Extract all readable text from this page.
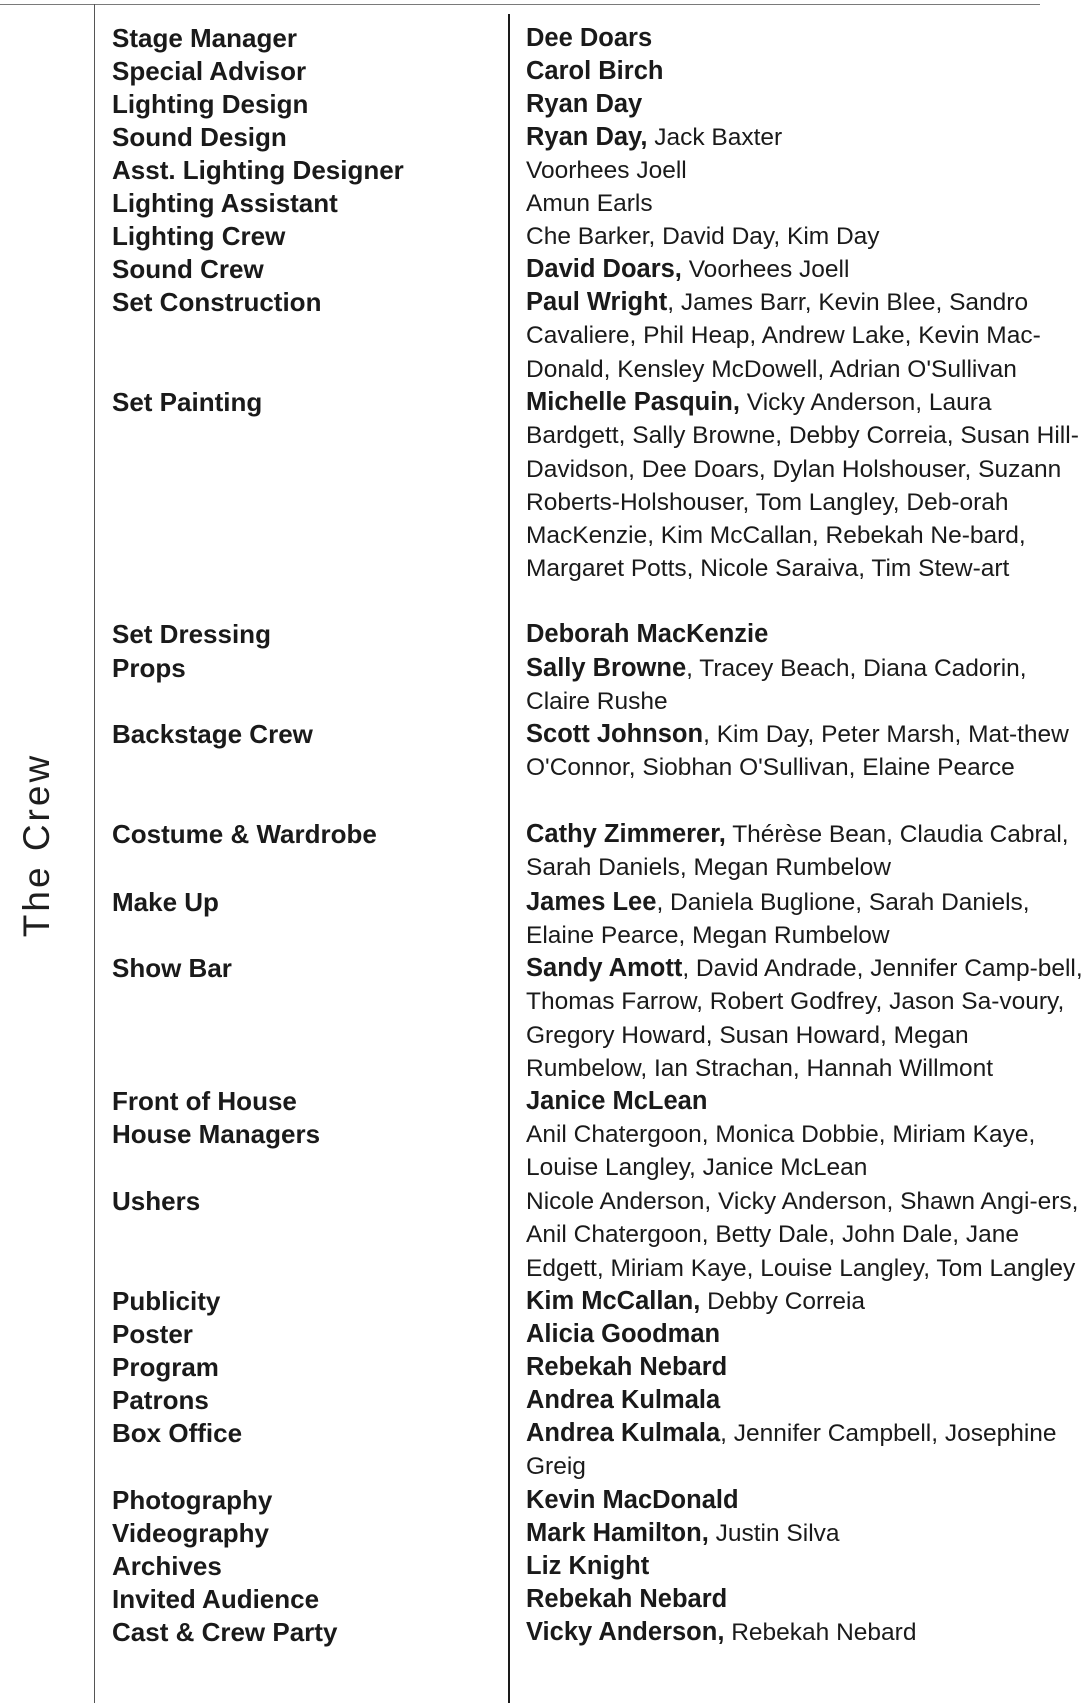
The Crew
Stage Manager	Dee Doars
Special Advisor	Carol Birch
Lighting Design	Ryan Day
Sound Design	Ryan Day, Jack Baxter
Asst. Lighting Designer	Voorhees Joell
Lighting Assistant	Amun Earls
Lighting Crew	Che Barker, David Day, Kim Day
Sound Crew	David Doars, Voorhees Joell
Set Construction	Paul Wright, James Barr, Kevin Blee, Sandro Cavaliere, Phil Heap, Andrew Lake, Kevin Mac-Donald, Kensley McDowell, Adrian O'Sullivan
Set Painting	Michelle Pasquin, Vicky Anderson, Laura Bardgett, Sally Browne, Debby Correia, Susan Hill-Davidson, Dee Doars, Dylan Holshouser, Suzann Roberts-Holshouser, Tom Langley, Deb-orah MacKenzie, Kim McCallan, Rebekah Ne-bard, Margaret Potts, Nicole Saraiva, Tim Stew-art
Set Dressing	Deborah MacKenzie
Props	Sally Browne, Tracey Beach, Diana Cadorin, Claire Rushe
Backstage Crew	Scott Johnson, Kim Day, Peter Marsh, Mat-thew O'Connor, Siobhan O'Sullivan, Elaine Pearce
Costume & Wardrobe	Cathy Zimmerer, Thérèse Bean, Claudia Cabral, Sarah Daniels, Megan Rumbelow
Make Up	James Lee, Daniela Buglione, Sarah Daniels, Elaine Pearce, Megan Rumbelow
Show Bar	Sandy Amott, David Andrade, Jennifer Camp-bell, Thomas Farrow, Robert Godfrey, Jason Sa-voury, Gregory Howard, Susan Howard, Megan Rumbelow, Ian Strachan, Hannah Willmont
Front of House	Janice McLean
House Managers	Anil Chatergoon, Monica Dobbie, Miriam Kaye, Louise Langley, Janice McLean
Ushers	Nicole Anderson, Vicky Anderson, Shawn Angi-ers, Anil Chatergoon, Betty Dale, John Dale, Jane Edgett, Miriam Kaye, Louise Langley, Tom Langley
Publicity	Kim McCallan, Debby Correia
Poster	Alicia Goodman
Program	Rebekah Nebard
Patrons	Andrea Kulmala
Box Office	Andrea Kulmala, Jennifer Campbell, Josephine Greig
Photography	Kevin MacDonald
Videography	Mark Hamilton, Justin Silva
Archives	Liz Knight
Invited Audience	Rebekah Nebard
Cast & Crew Party	Vicky Anderson, Rebekah Nebard
